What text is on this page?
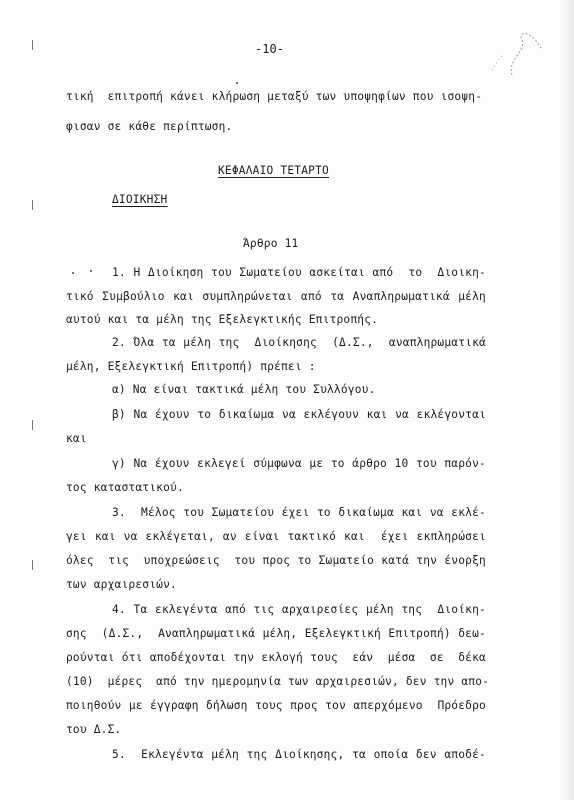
-10-
τική  επιτροπή κάνει κλήρωση μεταξύ των υποψηφίων που ισοψη-
φισαν σε κάθε περίπτωση.
ΚΕΦΑΛΑΙΟ ΤΕΤΑΡΤΟ
ΔΙΟΙΚΗΣΗ
Άρθρο 11
1. Η Διοίκηση του Σωματείου ασκείται από  το  Διοικη-
τικό Συμβούλιο και συμπληρώνεται από τα Αναπληρωματικά μέλη
αυτού και τα μέλη της Εξελεγκτικής Επιτροπής.
2. Όλα τα μέλη της  Διοίκησης  (Δ.Σ.,  αναπληρωματικά
μέλη, Εξελεγκτική Επιτροπή) πρέπει :
α) Να είναι τακτικά μέλη του Συλλόγου.
β) Να έχουν το δικαίωμα να εκλέγουν και να εκλέγονται
και
γ) Να έχουν εκλεγεί σύμφωνα με το άρθρο 10 του παρόν-
τος καταστατικού.
3.  Μέλος του Σωματείου έχει το δικαίωμα και να εκλέ-
γει και να εκλέγεται, αν είναι τακτικό και  έχει εκπληρώσει
όλες  τις  υποχρεώσεις  του προς το Σωματείο κατά την ένορξη
των αρχαιρεσιών.
4. Τα εκλεγέντα από τις αρχαιρεσίες μέλη της  Διοίκη-
σης  (Δ.Σ.,  Αναπληρωματικά μέλη, Εξελεγκτική Επιτροπή) δεω-
ρούνται ότι αποδέχονται την εκλογή τους  εάν  μέσα  σε  δέκα
(10)  μέρες  από την ημερομηνία των αρχαιρεσιών, δεν την απο-
ποιηθούν με έγγραφη δήλωση τους προς τον απερχόμενο  Πρόεδρο
του Δ.Σ.
5.  Εκλεγέντα μέλη της Διοίκησης, τα οποία δεν αποδέ-
